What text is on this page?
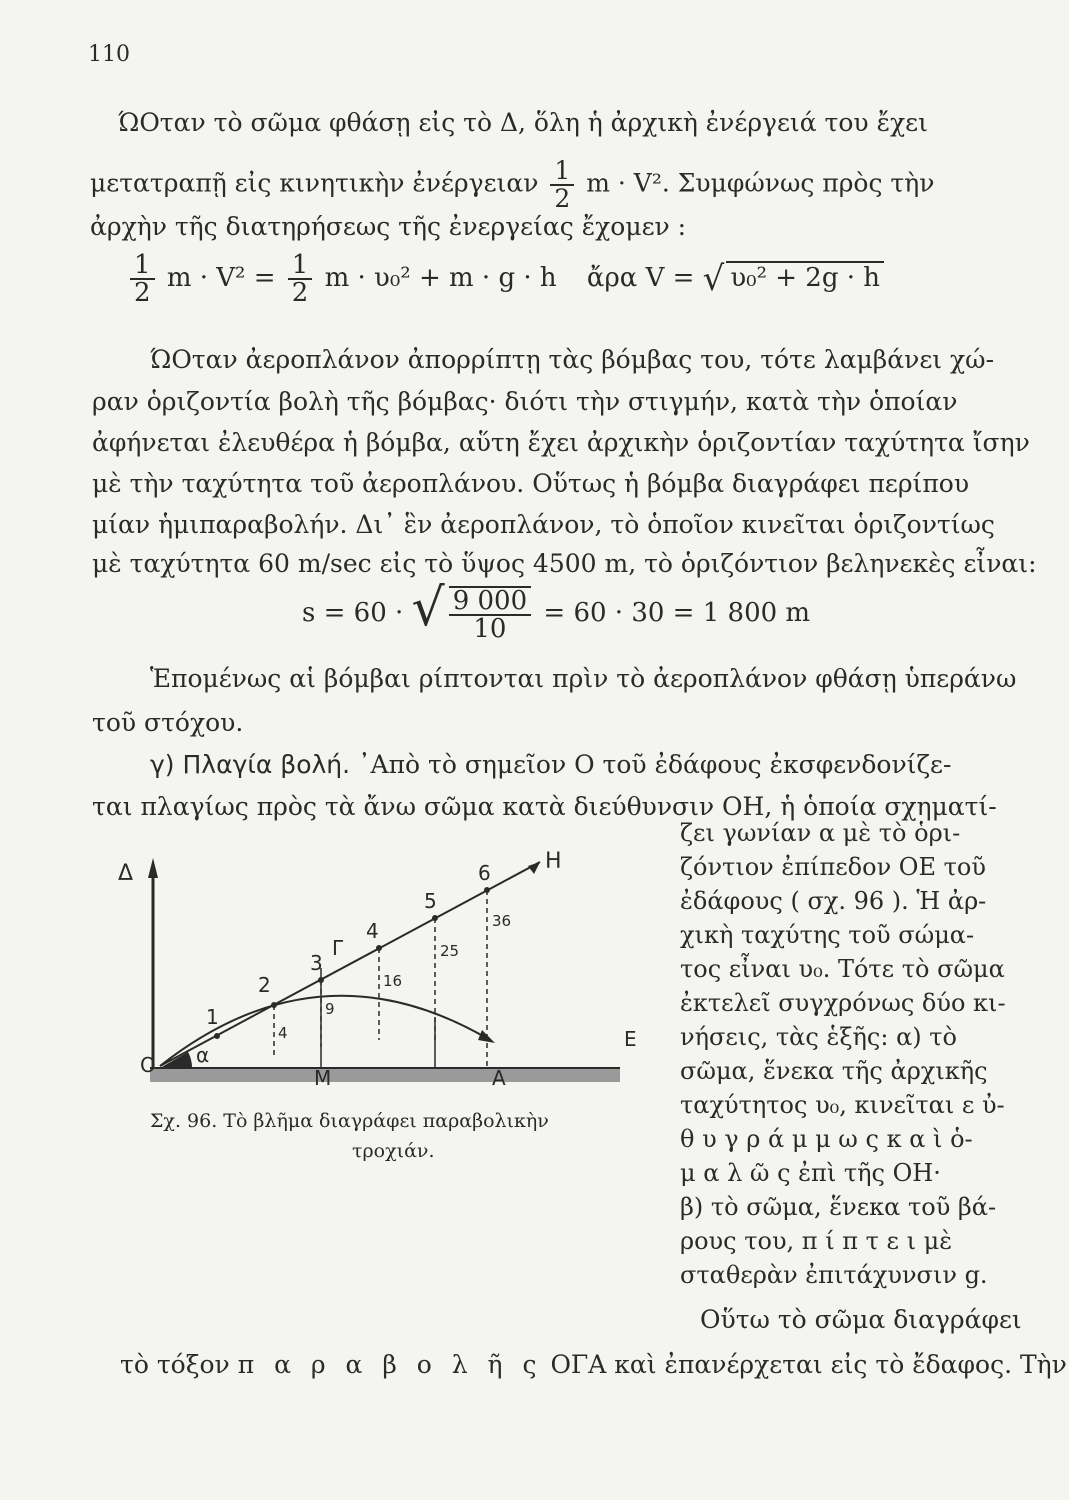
110
ΏΟταν τὸ σῶμα φθάσῃ εἰς τὸ Δ, ὅλη ἡ ἀρχικὴ ἐνέργειά του ἔχει
μετατραπῇ εἰς κινητικὴν ἐνέργειαν $\frac{1}{2}$ m · V². Συμφώνως πρὸς τὴν
ἀρχὴν τῆς διατηρήσεως τῆς ἐνεργείας ἔχομεν :
$\frac{1}{2}$ $m \cdot V^2 = \frac{1}{2}$ m · υ₀² + m · g · h ἄρα V = √ υ₀² + 2g · h
ΏΟταν ἀεροπλάνον ἀπορρίπτῃ τὰς βόμβας του, τότε λαμβάνει χώ-
ραν ὁριζοντία βολὴ τῆς βόμβας· διότι τὴν στιγμήν, κατὰ τὴν ὁποίαν
ἀφήνεται ἐλευθέρα ἡ βόμβα, αὕτη ἔχει ἀρχικὴν ὁριζοντίαν ταχύτητα ἴσην
μὲ τὴν ταχύτητα τοῦ ἀεροπλάνου. Οὕτως ἡ βόμβα διαγράφει περίπου
μίαν ἡμιπαραβολήν. Δι᾽ ἓν ἀεροπλάνον, τὸ ὁποῖον κινεῖται ὁριζοντίως
μὲ ταχύτητα 60 m/sec εἰς τὸ ὕψος 4500 m, τὸ ὁριζόντιον βεληνεκὲς εἶναι:
s = 60 · √ $\frac{9 000}{10} = 60 \cdot 30 = 1$ 800 m
Ἑπομένως αἱ βόμβαι ρίπτονται πρὶν τὸ ἀεροπλάνον φθάσῃ ὑπεράνω
τοῦ στόχου.
γ) Πλαγία βολή. ᾿Απὸ τὸ σημεῖον Ο τοῦ ἐδάφους ἐκσφενδονίζε-
ται πλαγίως πρὸς τὰ ἄνω σῶμα κατὰ διεύθυνσιν ΟΗ, ἡ ὁποία σχηματί-
ζει γωνίαν α μὲ τὸ ὁρι-
ζόντιον ἐπίπεδον ΟΕ τοῦ
ἐδάφους ( σχ. 96 ). Ἡ ἀρ-
χικὴ ταχύτης τοῦ σώμα-
τος εἶναι υ₀. Τότε τὸ σῶμα
ἐκτελεῖ συγχρόνως δύο κι-
νήσεις, τὰς ἑξῆς: α) τὸ
σῶμα, ἕνεκα τῆς ἀρχικῆς
ταχύτητος υ₀, κινεῖται ε ὐ-
θ υ γ ρ ά μ μ ω ς κ α ὶ ὁ-
μ α λ ῶ ς ἐπὶ τῆς ΟΗ·
β) τὸ σῶμα, ἕνεκα τοῦ βά-
ρους του, π ί π τ ε ι μὲ
σταθερὰν ἐπιτάχυνσιν g.
Οὕτω τὸ σῶμα διαγράφει
τὸ τόξον π α ρ α β ο λ ῆ ς ΟΓΑ καὶ ἐπανέρχεται εἰς τὸ ἔδαφος. Τὴν
Δ	Η
α
1
2
3
4
5
6
4
9
16
25
36
Γ
O
E
M	A
Σχ. 96. Τὸ βλῆμα διαγράφει παραβολικὴν
τροχιάν.
